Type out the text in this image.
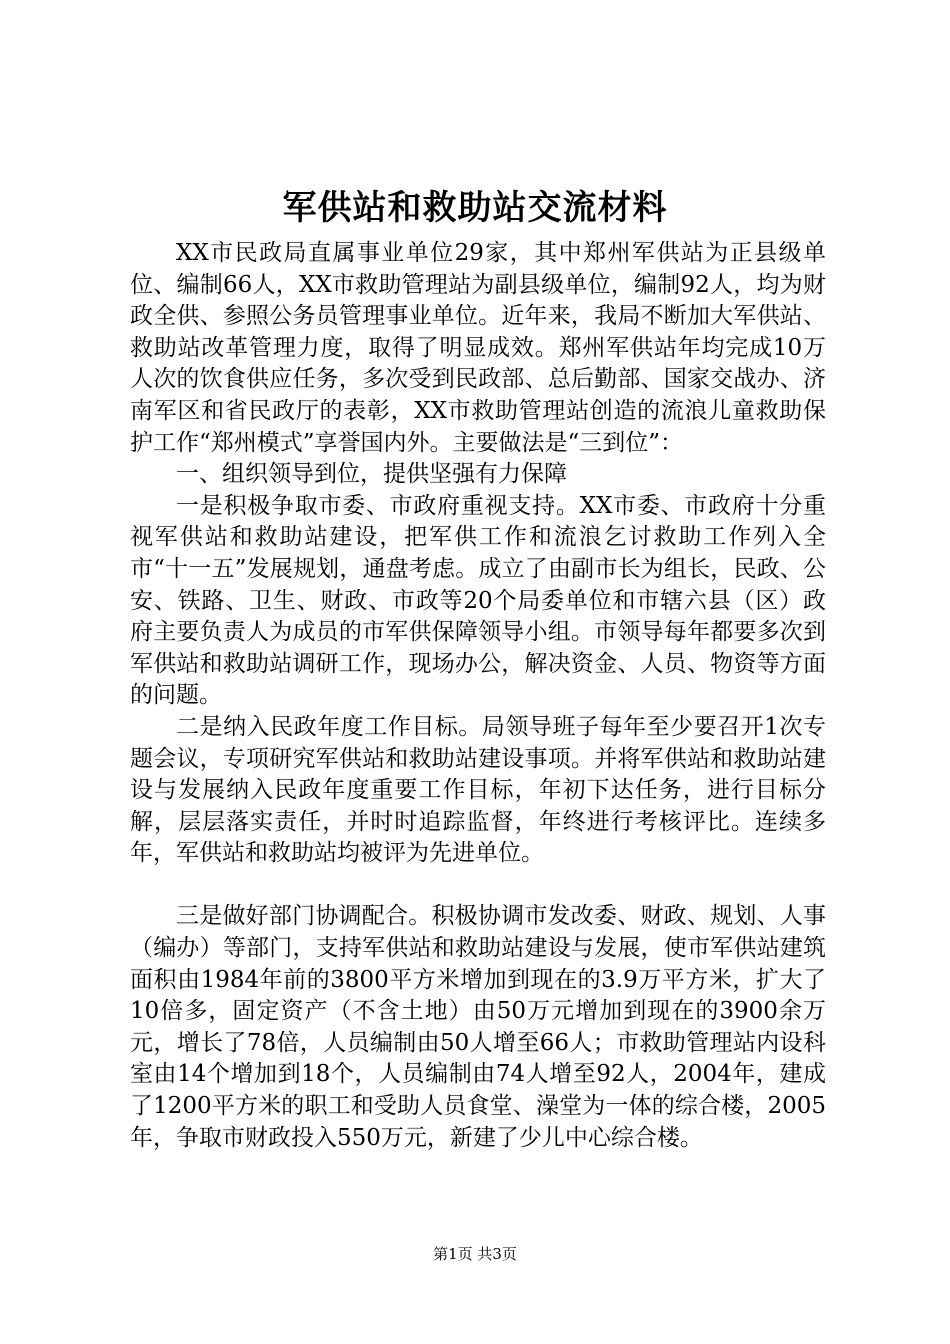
军供站和救助站交流材料

XX市民政局直属事业单位29家，其中郑州军供站为正县级单位、编制66人，XX市救助管理站为副县级单位，编制92人，均为财政全供、参照公务员管理事业单位。近年来，我局不断加大军供站、救助站改革管理力度，取得了明显成效。郑州军供站年均完成10万人次的饮食供应任务，多次受到民政部、总后勤部、国家交战办、济南军区和省民政厅的表彰，XX市救助管理站创造的流浪儿童救助保护工作“郑州模式”享誉国内外。主要做法是“三到位”：

一、组织领导到位，提供坚强有力保障

一是积极争取市委、市政府重视支持。XX市委、市政府十分重视军供站和救助站建设，把军供工作和流浪乞讨救助工作列入全市“十一五”发展规划，通盘考虑。成立了由副市长为组长，民政、公安、铁路、卫生、财政、市政等20个局委单位和市辖六县（区）政府主要负责人为成员的市军供保障领导小组。市领导每年都要多次到军供站和救助站调研工作，现场办公，解决资金、人员、物资等方面的问题。

二是纳入民政年度工作目标。局领导班子每年至少要召开1次专题会议，专项研究军供站和救助站建设事项。并将军供站和救助站建设与发展纳入民政年度重要工作目标，年初下达任务，进行目标分解，层层落实责任，并时时追踪监督，年终进行考核评比。连续多年，军供站和救助站均被评为先进单位。

三是做好部门协调配合。积极协调市发改委、财政、规划、人事（编办）等部门，支持军供站和救助站建设与发展，使市军供站建筑面积由1984年前的3800平方米增加到现在的3.9万平方米，扩大了10倍多，固定资产（不含土地）由50万元增加到现在的3900余万元，增长了78倍，人员编制由50人增至66人；市救助管理站内设科室由14个增加到18个，人员编制由74人增至92人，2004年，建成了1200平方米的职工和受助人员食堂、澡堂为一体的综合楼，2005年，争取市财政投入550万元，新建了少儿中心综合楼。

第1页 共3页
